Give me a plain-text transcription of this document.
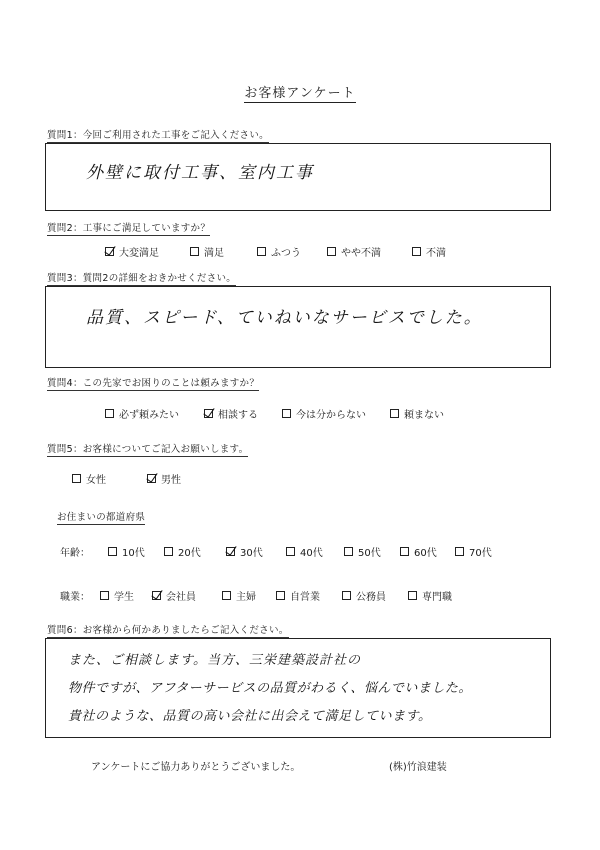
お客様アンケート
質問1：今回ご利用された工事をご記入ください。
外壁に取付工事、室内工事
質問2：工事にご満足していますか？
大変満足	満足	ふつう	やや不満	不満
質問3：質問2の詳細をおきかせください。
品質、スピード、ていねいなサービスでした。
質問4：この先家でお困りのことは頼みますか？
必ず頼みたい	相談する	今は分からない	頼まない
質問5：お客様についてご記入お願いします。
女性	男性
お住まいの都道府県
年齢：	10代	20代	30代	40代	50代	60代	70代
職業： 学生	会社員	主婦	自営業	公務員	専門職
質問6：お客様から何かありましたらご記入ください。
また、ご相談します。当方、三栄建築設計社の
物件ですが、アフターサービスの品質がわるく、悩んでいました。
貴社のような、品質の高い会社に出会えて満足しています。
アンケートにご協力ありがとうございました。	(株)竹浪建装
